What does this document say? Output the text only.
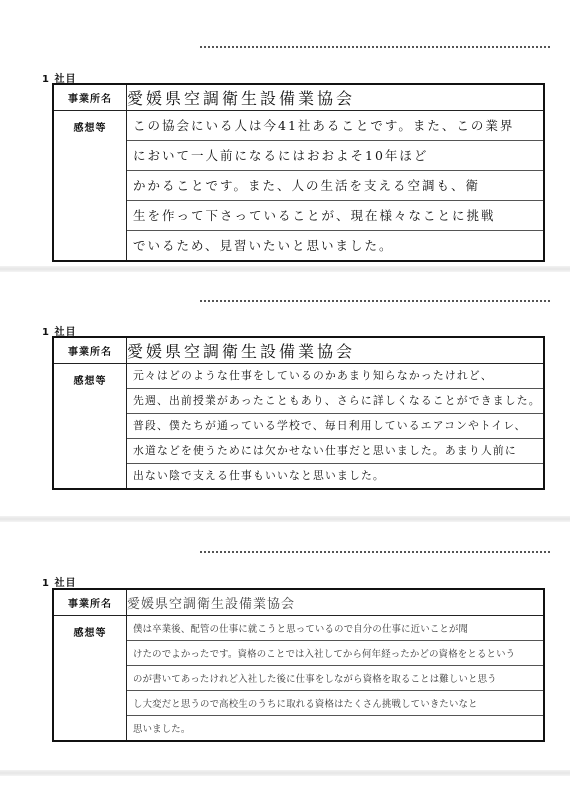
1 社目
事業所名	愛媛県空調衛生設備業協会
感想等	この協会にいる人は今41社あることです。また、この業界
において一人前になるにはおおよそ10年ほど
かかることです。また、人の生活を支える空調も、衛
生を作って下さっていることが、現在様々なことに挑戦
でいるため、見習いたいと思いました。
1 社目
事業所名	愛媛県空調衛生設備業協会
感想等	元々はどのような仕事をしているのかあまり知らなかったけれど、
先週、出前授業があったこともあり、さらに詳しくなることができました。
普段、僕たちが通っている学校で、毎日利用しているエアコンやトイレ、
水道などを使うためには欠かせない仕事だと思いました。あまり人前に
出ない陰で支える仕事もいいなと思いました。
1 社目
事業所名	愛媛県空調衛生設備業協会
感想等	僕は卒業後、配管の仕事に就こうと思っているので自分の仕事に近いことが聞
けたのでよかったです。資格のことでは入社してから何年経ったかどの資格をとるという
のが書いてあったけれど入社した後に仕事をしながら資格を取ることは難しいと思う
し大変だと思うので高校生のうちに取れる資格はたくさん挑戦していきたいなと
思いました。
